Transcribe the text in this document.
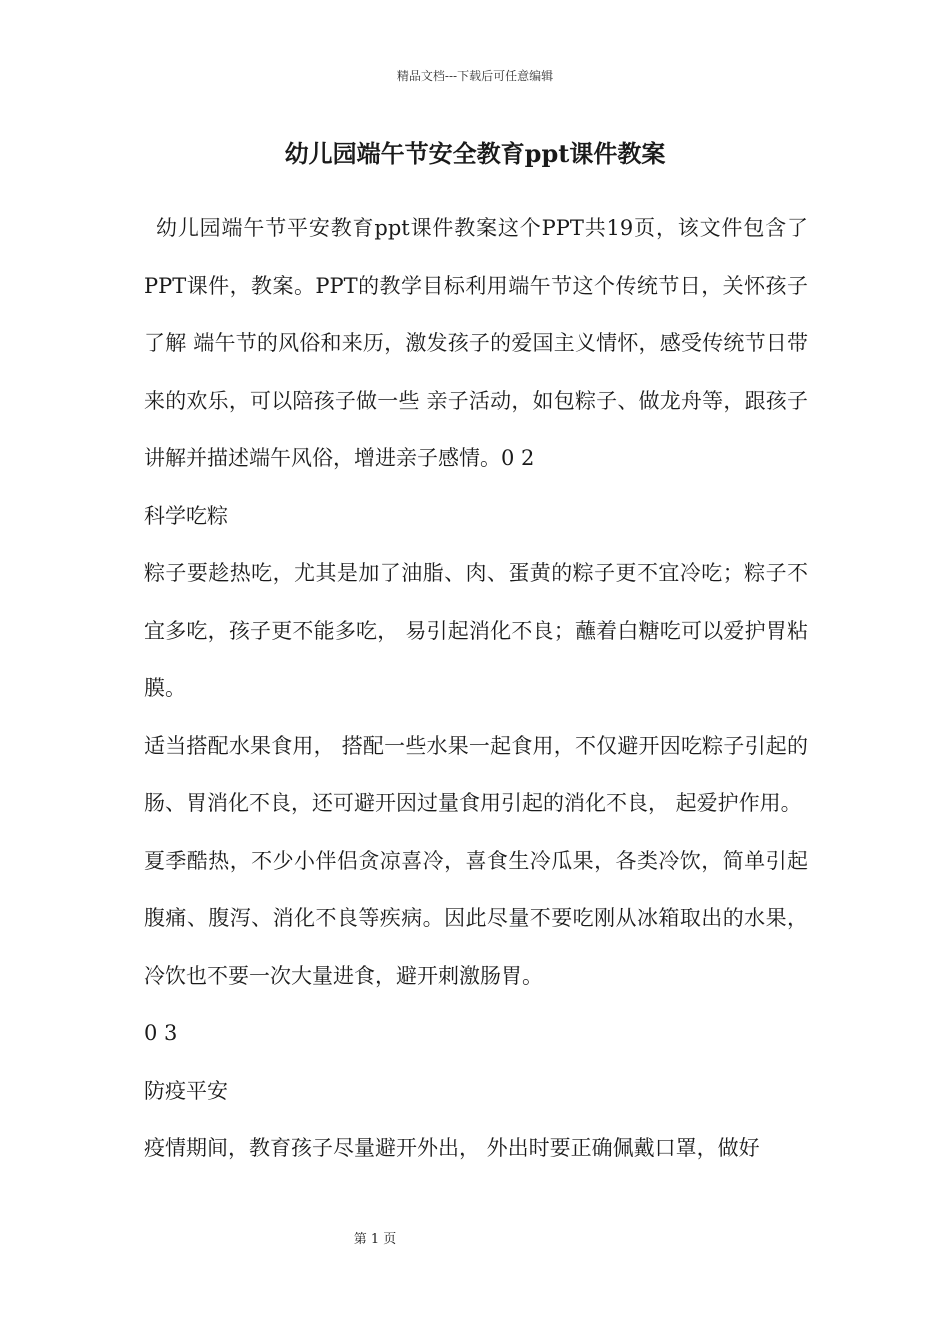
精品文档---下载后可任意编辑
幼儿园端午节安全教育ppt课件教案

幼儿园端午节平安教育ppt课件教案这个PPT共19页，该文件包含了PPT课件，教案。PPT的教学目标利用端午节这个传统节日，关怀孩子了解 端午节的风俗和来历，激发孩子的爱国主义情怀，感受传统节日带来的欢乐，可以陪孩子做一些 亲子活动，如包粽子、做龙舟等，跟孩子讲解并描述端午风俗，增进亲子感情。0 2

科学吃粽

粽子要趁热吃，尤其是加了油脂、肉、蛋黄的粽子更不宜冷吃；粽子不宜多吃，孩子更不能多吃， 易引起消化不良；蘸着白糖吃可以爱护胃粘膜。

适当搭配水果食用， 搭配一些水果一起食用，不仅避开因吃粽子引起的肠、胃消化不良，还可避开因过量食用引起的消化不良， 起爱护作用。

夏季酷热，不少小伴侣贪凉喜冷，喜食生冷瓜果，各类冷饮，简单引起腹痛、腹泻、消化不良等疾病。因此尽量不要吃刚从冰箱取出的水果， 冷饮也不要一次大量进食，避开刺激肠胃。

0 3

防疫平安

疫情期间，教育孩子尽量避开外出， 外出时要正确佩戴口罩，做好

第 1 页
